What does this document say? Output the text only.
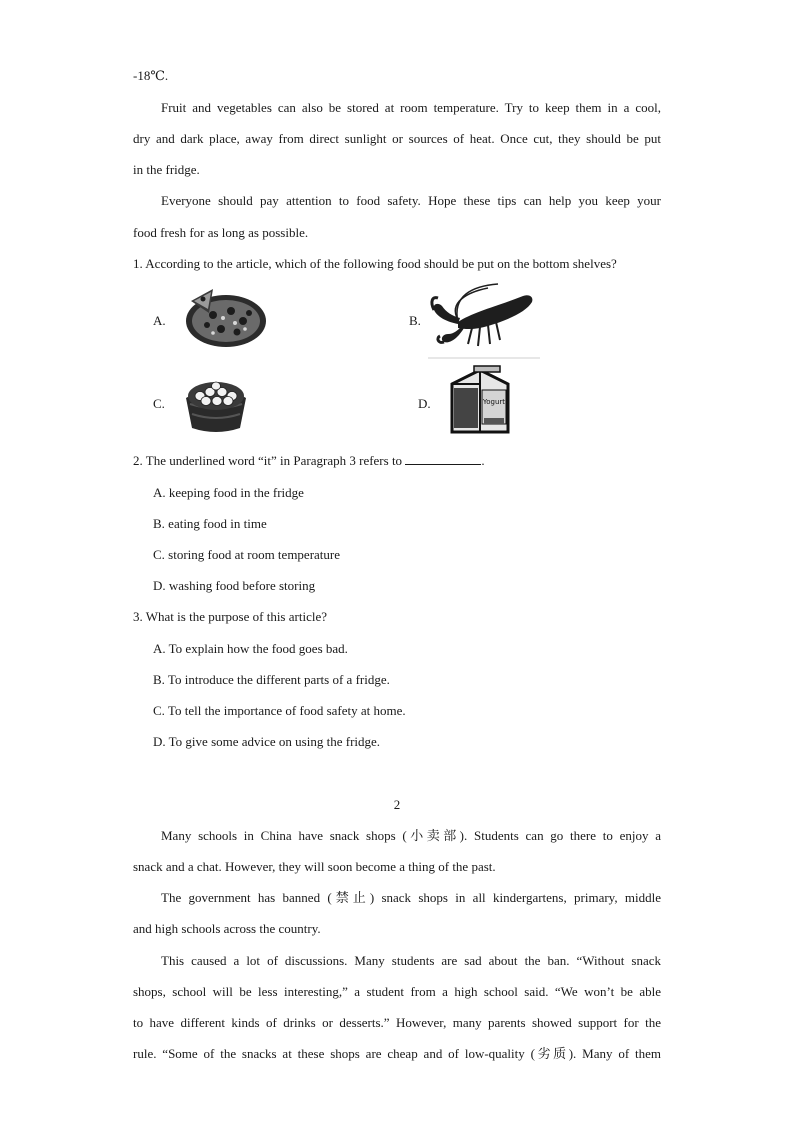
-18℃.
Fruit and vegetables can also be stored at room temperature. Try to keep them in a cool,
dry and dark place, away from direct sunlight or sources of heat. Once cut, they should be put
in the fridge.
Everyone should pay attention to food safety. Hope these tips can help you keep your
food fresh for as long as possible.
1. According to the article, which of the following food should be put on the bottom shelves?
A.	B.
C.	D.	Yogurt
2. The underlined word “it” in Paragraph 3 refers to	.
A. keeping food in the fridge
B. eating food in time
C. storing food at room temperature
D. washing food before storing
3. What is the purpose of this article?
A. To explain how the food goes bad.
B. To introduce the different parts of a fridge.
C. To tell the importance of food safety at home.
D. To give some advice on using the fridge.
2
Many schools in China have snack shops (小卖部). Students can go there to enjoy a
snack and a chat. However, they will soon become a thing of the past.
The government has banned (禁止) snack shops in all kindergartens, primary, middle
and high schools across the country.
This caused a lot of discussions. Many students are sad about the ban. “Without snack
shops, school will be less interesting,” a student from a high school said. “We won’t be able
to have different kinds of drinks or desserts.” However, many parents showed support for the
rule. “Some of the snacks at these shops are cheap and of low-quality (劣质). Many of them
